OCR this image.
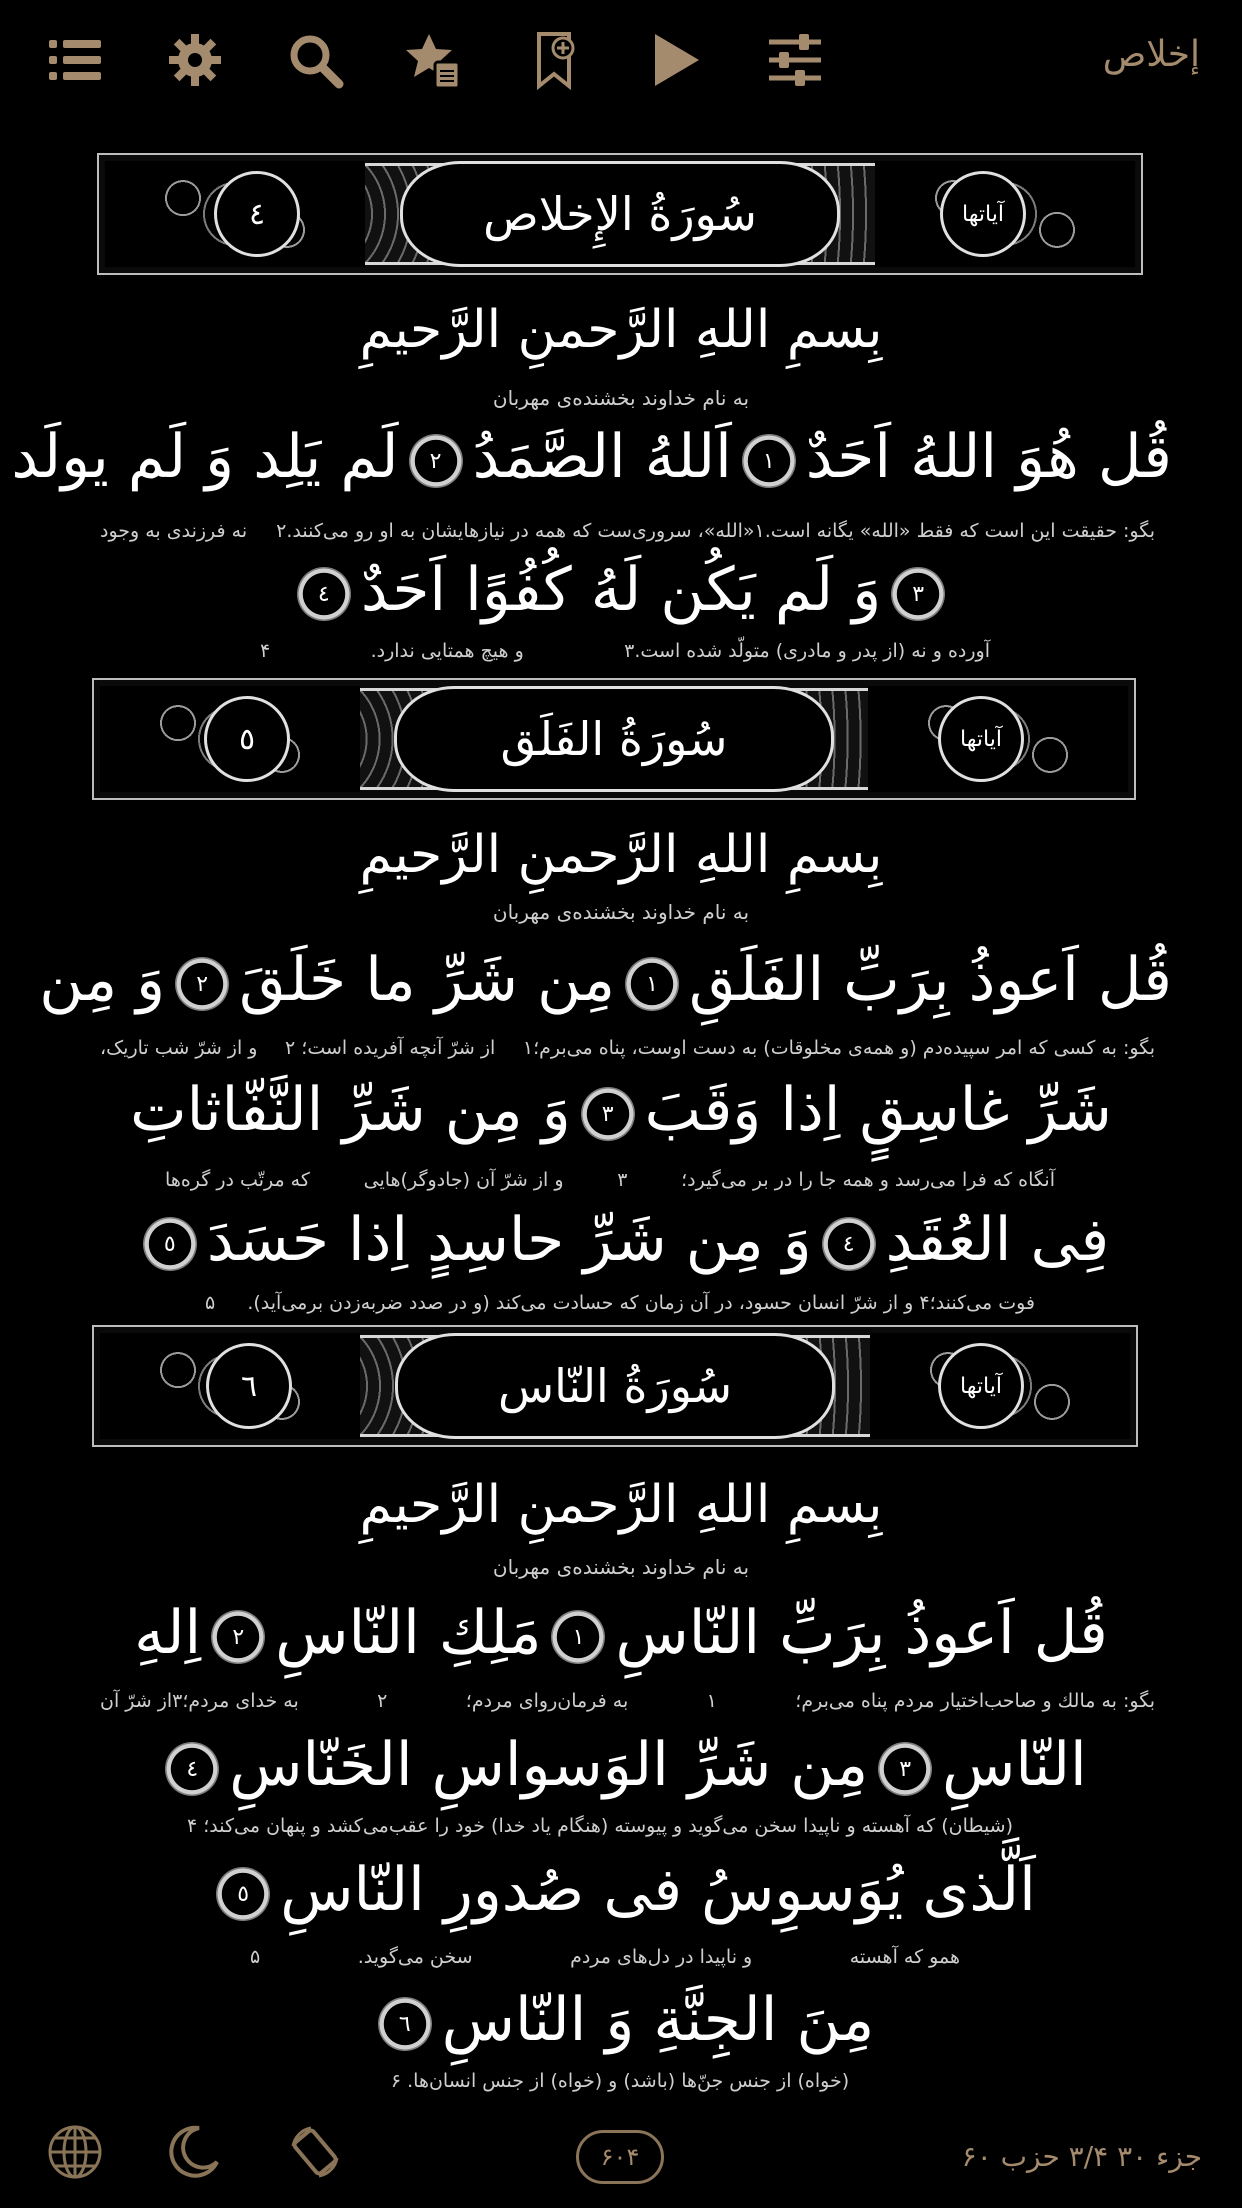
إخلاص
سُورَةُ الإِخلاص
٤	آیاتها
بِسمِ اللهِ الرَّحمنِ الرَّحیمِ
به نام خداوند بخشنده‌ی مهربان
قُل هُوَ اللهُ اَحَدٌ١اَللهُ الصَّمَدُ٢لَم یَلِد وَ لَم یولَد
بگو: حقیقت این است که فقط «الله» یگانه است.۱«الله»، سروری‌ست که همه در نیازهایشان به او رو می‌کنند.۲
نه فرزندی به وجود
٣وَ لَم یَکُن لَهُ کُفُوًا اَحَدٌ٤
آورده و نه (از پدر و مادری) متولّد شده است.۳
و هیچ همتایی ندارد.
۴
سُورَةُ الفَلَق
٥	آیاتها
بِسمِ اللهِ الرَّحمنِ الرَّحیمِ
به نام خداوند بخشنده‌ی مهربان
قُل اَعوذُ بِرَبِّ الفَلَقِ١مِن شَرِّ ما خَلَقَ٢وَ مِن
بگو: به کسی که امر سپیده‌دم (و همه‌ی مخلوقات) به دست اوست، پناه می‌برم؛۱
از شرّ آنچه آفریده است؛ ۲
و از شرّ شب تاریک،
شَرِّ غاسِقٍ اِذا وَقَبَ٣وَ مِن شَرِّ النَّفّاثاتِ
آنگاه که فرا می‌رسد و همه جا را در بر می‌گیرد؛
۳
و از شرّ آن (جادوگر)هایی
که مرتّب در گره‌ها
فِی العُقَدِ٤وَ مِن شَرِّ حاسِدٍ اِذا حَسَدَ٥
فوت می‌کنند؛۴ و از شرّ انسان حسود، در آن زمان که حسادت می‌کند (و در صدد ضربه‌زدن برمی‌آید).
۵
سُورَةُ النّاس
٦	آیاتها
بِسمِ اللهِ الرَّحمنِ الرَّحیمِ
به نام خداوند بخشنده‌ی مهربان
قُل اَعوذُ بِرَبِّ النّاسِ١مَلِكِ النّاسِ٢اِلهِ
بگو: به مالك و صاحب‌اختیار مردم پناه می‌برم؛
۱
به فرمان‌روای مردم؛
۲
به خدای مردم؛۳از شرّ آن
النّاسِ٣مِن شَرِّ الوَسواسِ الخَنّاسِ٤
(شیطان) که آهسته و ناپیدا سخن می‌گوید و پیوسته (هنگام یاد خدا) خود را عقب‌می‌کشد و پنهان می‌کند؛ ۴
اَلَّذی یُوَسوِسُ فی صُدورِ النّاسِ٥
همو که آهسته
و ناپیدا در دل‌های مردم
سخن می‌گوید.
۵
مِنَ الجِنَّةِ وَ النّاسِ٦
(خواه) از جنس جنّ‌ها (باشد) و (خواه) از جنس انسان‌ها. ۶
۶۰۴	جزء ۳۰ ۳/۴ حزب ۶۰
